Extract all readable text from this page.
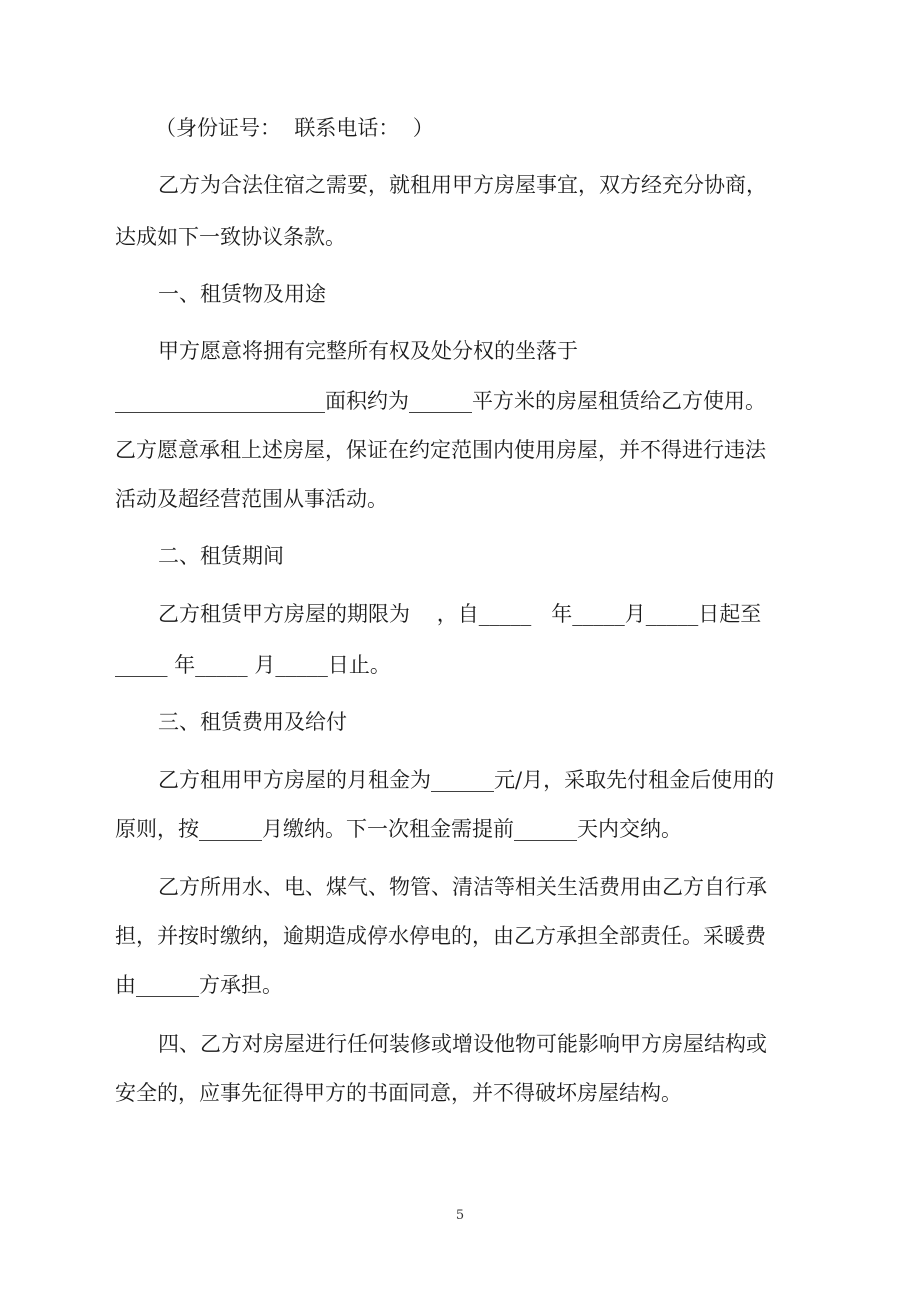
（身份证号：  联系电话：  ）
乙方为合法住宿之需要，就租用甲方房屋事宜，双方经充分协商，
达成如下一致协议条款。
一、租赁物及用途
甲方愿意将拥有完整所有权及处分权的坐落于
____________________面积约为______平方米的房屋租赁给乙方使用。
乙方愿意承租上述房屋，保证在约定范围内使用房屋，并不得进行违法
活动及超经营范围从事活动。
二、租赁期间
乙方租赁甲方房屋的期限为    ，自_____   年_____月_____日起至
_____ 年_____ 月_____日止。
三、租赁费用及给付
乙方租用甲方房屋的月租金为______元/月，采取先付租金后使用的
原则，按______月缴纳。下一次租金需提前______天内交纳。
乙方所用水、电、煤气、物管、清洁等相关生活费用由乙方自行承
担，并按时缴纳，逾期造成停水停电的，由乙方承担全部责任。采暖费
由______方承担。
四、乙方对房屋进行任何装修或增设他物可能影响甲方房屋结构或
安全的，应事先征得甲方的书面同意，并不得破坏房屋结构。
5
